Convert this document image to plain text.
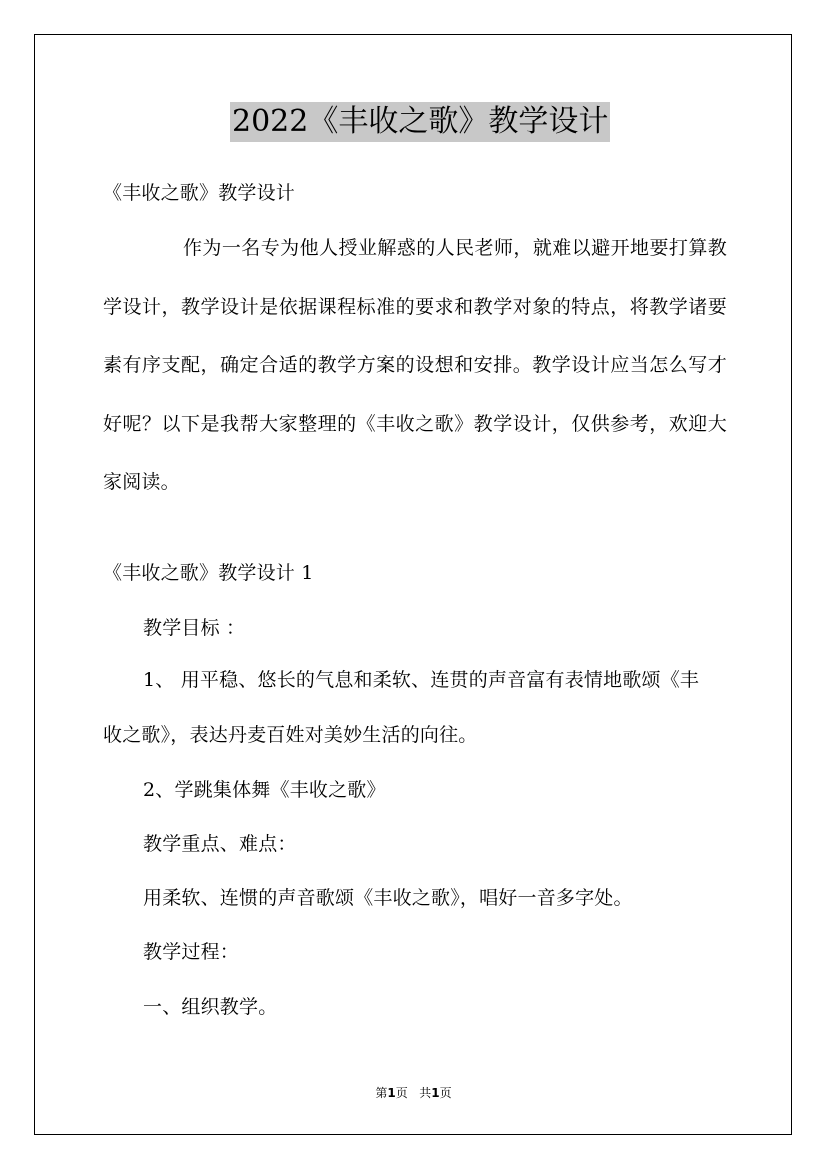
2022《丰收之歌》教学设计
《丰收之歌》教学设计
作为一名专为他人授业解惑的人民老师，就难以避开地要打算教学设计，教学设计是依据课程标准的要求和教学对象的特点，将教学诸要素有序支配，确定合适的教学方案的设想和安排。教学设计应当怎么写才好呢？以下是我帮大家整理的《丰收之歌》教学设计，仅供参考，欢迎大家阅读。
《丰收之歌》教学设计 1
教学目标 ：
1、 用平稳、悠长的气息和柔软、连贯的声音富有表情地歌颂《丰
收之歌》，表达丹麦百姓对美妙生活的向往。
2、学跳集体舞《丰收之歌》
教学重点、难点：
用柔软、连惯的声音歌颂《丰收之歌》，唱好一音多字处。
教学过程：
一、组织教学。
第1页 共1页
